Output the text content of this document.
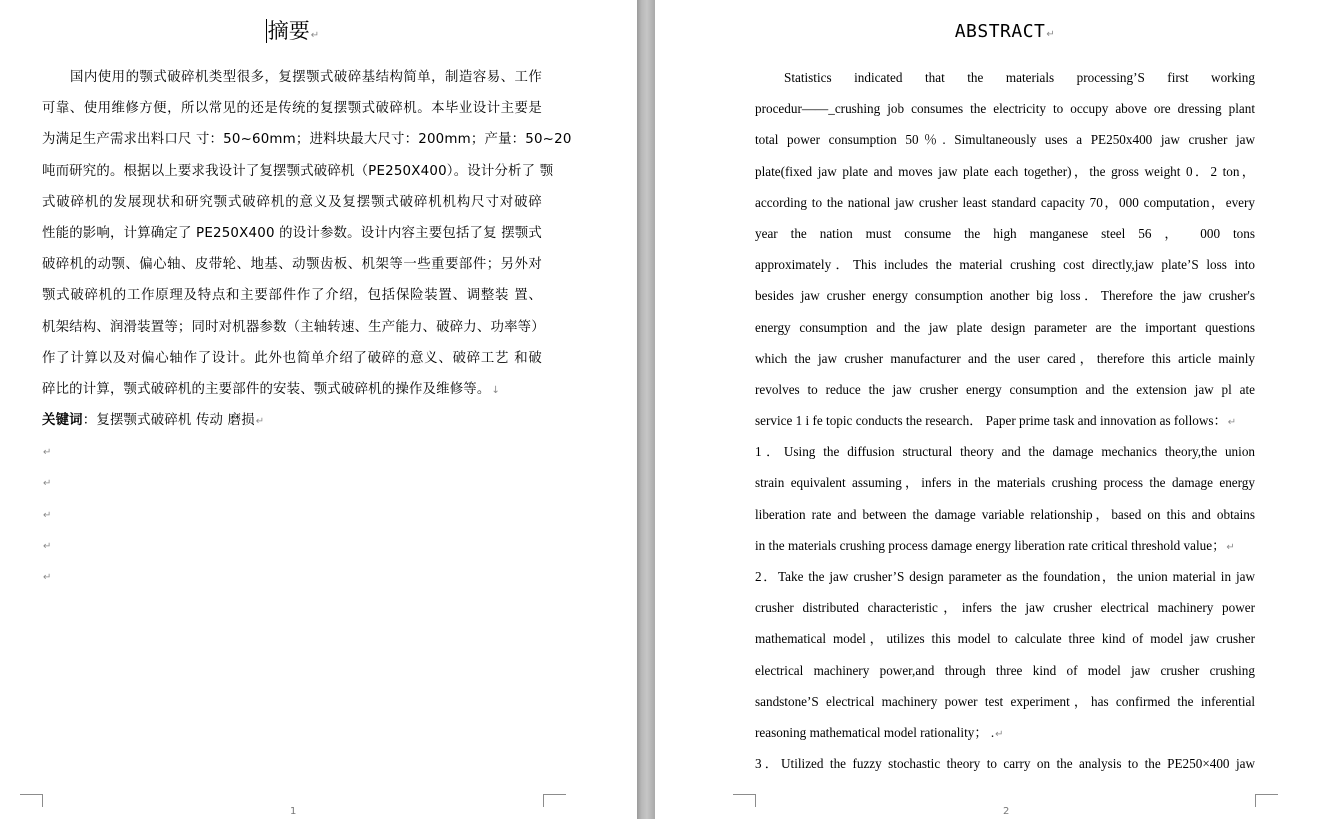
摘要↵
国内使用的颚式破碎机类型很多，复摆颚式破碎基结构简单，制造容易、工作
可靠、使用维修方便，所以常见的还是传统的复摆颚式破碎机。本毕业设计主要是
为满足生产需求出料口尺 寸：50~60mm；进料块最大尺寸：200mm；产量：50~20
吨而研究的。根据以上要求我设计了复摆颚式破碎机（PE250X400）。设计分析了 颚
式破碎机的发展现状和研究颚式破碎机的意义及复摆颚式破碎机机构尺寸对破碎
性能的影响，计算确定了 PE250X400 的设计参数。设计内容主要包括了复 摆颚式
破碎机的动颚、偏心轴、皮带轮、地基、动颚齿板、机架等一些重要部件；另外对
颚式破碎机的工作原理及特点和主要部件作了介绍，包括保险装置、调整装 置、
机架结构、润滑装置等；同时对机器参数（主轴转速、生产能力、破碎力、功率等）
作了计算以及对偏心轴作了设计。此外也简单介绍了破碎的意义、破碎工艺 和破
碎比的计算，颚式破碎机的主要部件的安装、颚式破碎机的操作及维修等。↓
关键词：复摆颚式破碎机 传动 磨损↵
↵
↵
↵
↵
↵
1
ABSTRACT↵
Statistics indicated that the materials processing’S first working
procedur——_crushing job consumes the electricity to occupy above ore dressing plant
total power consumption 50％. Simultaneously uses a PE250x400 jaw crusher jaw
plate(fixed jaw plate and moves jaw plate each together)，the gross weight 0．2 ton，
according to the national jaw crusher least standard capacity 70，000 computation，every
year the nation must consume the high manganese steel 56 ， 000 tons
approximately．This includes the material crushing cost directly,jaw plate’S loss into
besides jaw crusher energy consumption another big loss．Therefore the jaw crusher's
energy consumption and the jaw plate design parameter are the important questions
which the jaw crusher manufacturer and the user cared，therefore this article mainly
revolves to reduce the jaw crusher energy consumption and the extension jaw pl ate
service 1 i fe topic conducts the research． Paper prime task and innovation as follows：↵
1．Using the diffusion structural theory and the damage mechanics theory,the union
strain equivalent assuming，infers in the materials crushing process the damage energy
liberation rate and between the damage variable relationship，based on this and obtains
in the materials crushing process damage energy liberation rate critical threshold value；↵
2．Take the jaw crusher’S design parameter as the foundation，the union material in jaw
crusher distributed characteristic，infers the jaw crusher electrical machinery power
mathematical model，utilizes this model to calculate three kind of model jaw crusher
electrical machinery power,and through three kind of model jaw crusher crushing
sandstone’S electrical machinery power test experiment，has confirmed the inferential
reasoning mathematical model rationality； .↵
3．Utilized the fuzzy stochastic theory to carry on the analysis to the PE250×400 jaw
2
